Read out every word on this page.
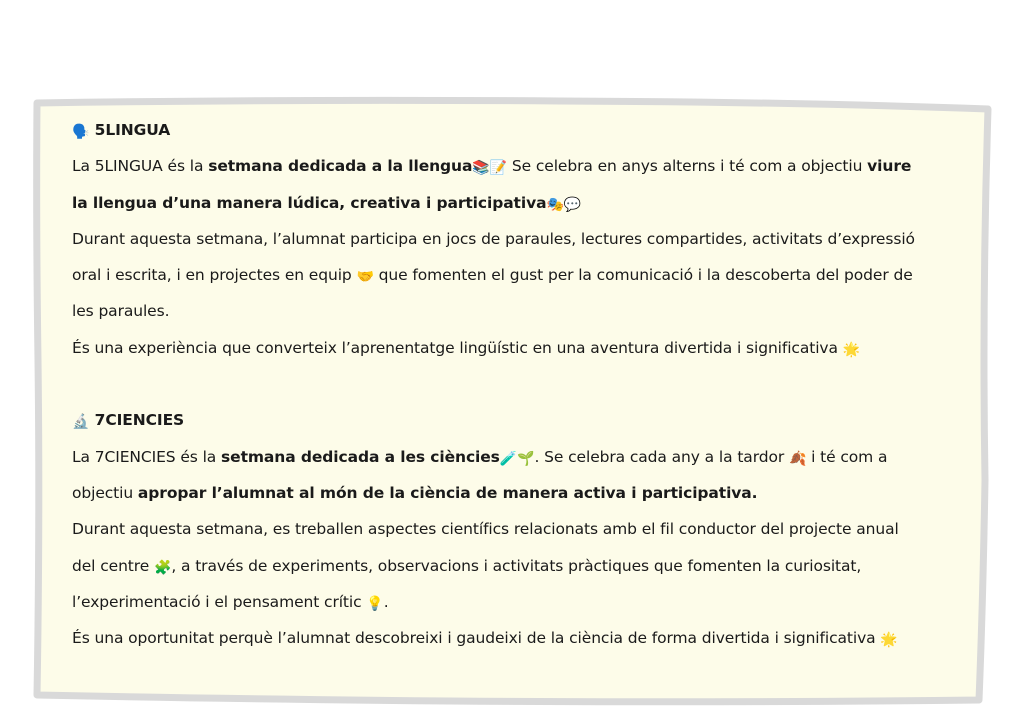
🗣️ 5LINGUA
La 5LINGUA és la setmana dedicada a la llengua📚📝 Se celebra en anys alterns i té com a objectiu viure
la llengua d’una manera lúdica, creativa i participativa🎭💬
Durant aquesta setmana, l’alumnat participa en jocs de paraules, lectures compartides, activitats d’expressió
oral i escrita, i en projectes en equip 🤝 que fomenten el gust per la comunicació i la descoberta del poder de
les paraules.
És una experiència que converteix l’aprenentatge lingüístic en una aventura divertida i significativa 🌟
🔬 7CIENCIES
La 7CIENCIES és la setmana dedicada a les ciències🧪🌱. Se celebra cada any a la tardor 🍂 i té com a
objectiu apropar l’alumnat al món de la ciència de manera activa i participativa.
Durant aquesta setmana, es treballen aspectes científics relacionats amb el fil conductor del projecte anual
del centre 🧩, a través de experiments, observacions i activitats pràctiques que fomenten la curiositat,
l’experimentació i el pensament crític 💡.
És una oportunitat perquè l’alumnat descobreixi i gaudeixi de la ciència de forma divertida i significativa 🌟
